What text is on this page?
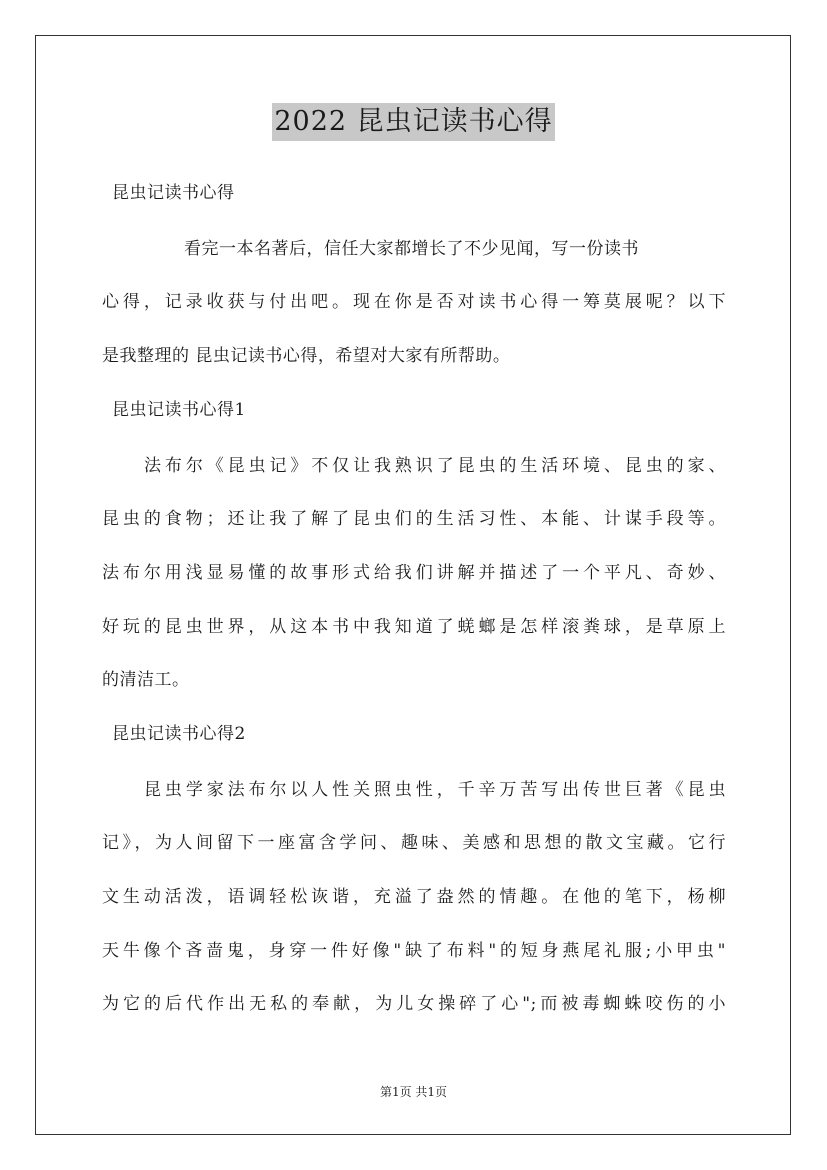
2022 昆虫记读书心得
昆虫记读书心得
看完一本名著后，信任大家都增长了不少见闻，写一份读书
心得，记录收获与付出吧。现在你是否对读书心得一筹莫展呢？以下
是我整理的 昆虫记读书心得，希望对大家有所帮助。
昆虫记读书心得1
法布尔《昆虫记》不仅让我熟识了昆虫的生活环境、昆虫的家、
昆虫的食物；还让我了解了昆虫们的生活习性、本能、计谋手段等。
法布尔用浅显易懂的故事形式给我们讲解并描述了一个平凡、奇妙、
好玩的昆虫世界，从这本书中我知道了蜣螂是怎样滚粪球，是草原上
的清洁工。
昆虫记读书心得2
昆虫学家法布尔以人性关照虫性，千辛万苦写出传世巨著《昆虫
记》，为人间留下一座富含学问、趣味、美感和思想的散文宝藏。它行
文生动活泼，语调轻松诙谐，充溢了盎然的情趣。在他的笔下，杨柳
天牛像个吝啬鬼，身穿一件好像"缺了布料"的短身燕尾礼服;小甲虫"
为它的后代作出无私的奉献，为儿女操碎了心";而被毒蜘蛛咬伤的小
第1页 共1页
